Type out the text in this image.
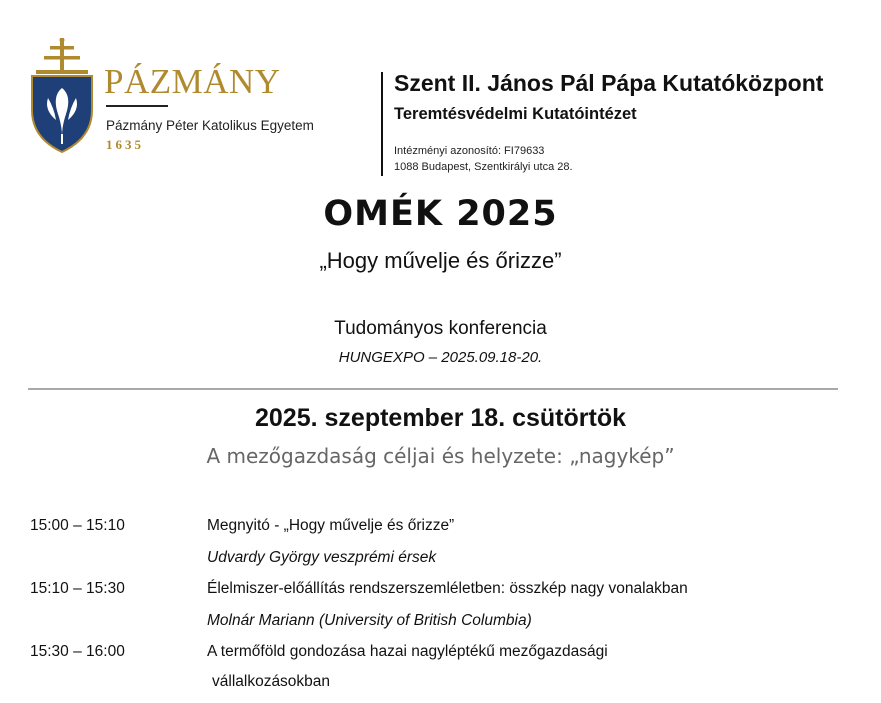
PÁZMÁNY
Pázmány Péter Katolikus Egyetem
1635
Szent II. János Pál Pápa Kutatóközpont
Teremtésvédelmi Kutatóintézet
Intézményi azonosító: FI79633
1088 Budapest, Szentkirályi utca 28.
OMÉK 2025
„Hogy művelje és őrizze”
Tudományos konferencia
HUNGEXPO – 2025.09.18-20.
2025. szeptember 18. csütörtök
A mezőgazdaság céljai és helyzete: „nagykép”
15:00 – 15:10	Megnyitó - „Hogy művelje és őrizze”
Udvardy György veszprémi érsek
15:10 – 15:30	Élelmiszer-előállítás rendszerszemléletben: összkép nagy vonalakban
Molnár Mariann (University of British Columbia)
15:30 – 16:00	A termőföld gondozása hazai nagyléptékű mezőgazdasági
vállalkozásokban
